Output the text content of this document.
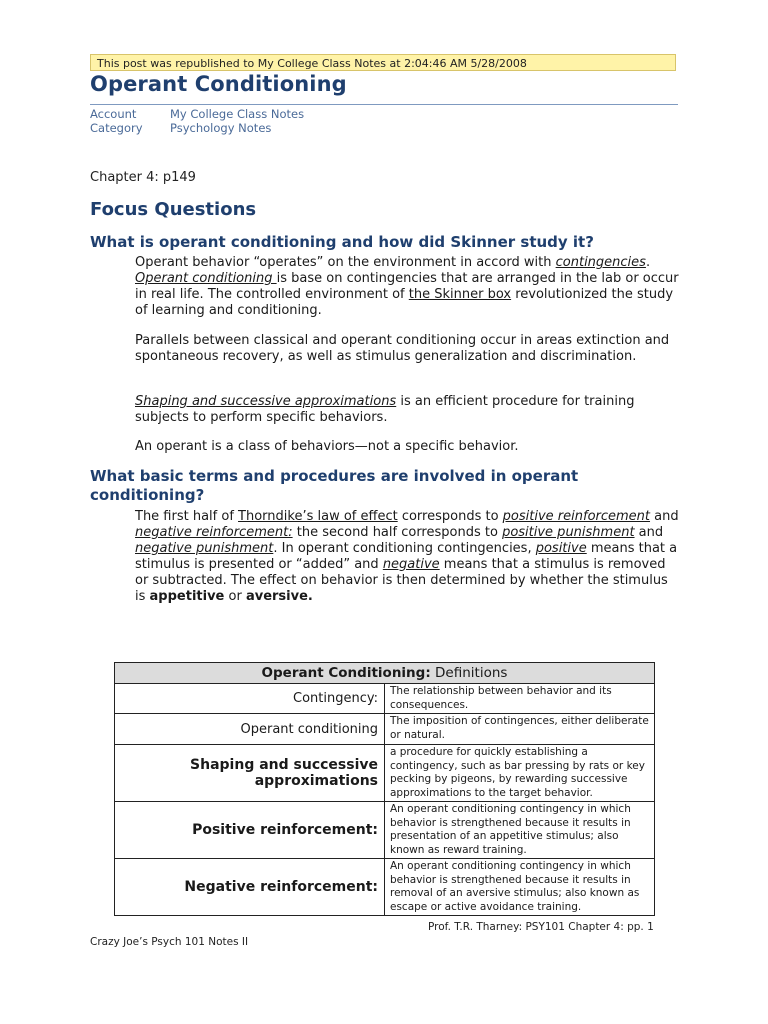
This post was republished to My College Class Notes at 2:04:46 AM 5/28/2008
Operant Conditioning
Account	My College Class Notes
Category Psychology Notes
Chapter 4: p149
Focus Questions
What is operant conditioning and how did Skinner study it?
Operant behavior “operates” on the environment in accord with contingencies. Operant conditioning is base on contingencies that are arranged in the lab or occur in real life. The controlled environment of the Skinner box revolutionized the study of learning and conditioning.
Parallels between classical and operant conditioning occur in areas extinction and spontaneous recovery, as well as stimulus generalization and discrimination.
Shaping and successive approximations is an efficient procedure for training subjects to perform specific behaviors.
An operant is a class of behaviors—not a specific behavior.
What basic terms and procedures are involved in operant conditioning?
The first half of Thorndike’s law of effect corresponds to positive reinforcement and negative reinforcement: the second half corresponds to positive punishment and negative punishment. In operant conditioning contingencies, positive means that a stimulus is presented or “added” and negative means that a stimulus is removed or subtracted. The effect on behavior is then determined by whether the stimulus is appetitive or aversive.
Operant Conditioning: Definitions	
Contingency:	The relationship between behavior and its consequences.
Operant conditioning	The imposition of contingences, either deliberate or natural.
Shaping and successive approximations	a procedure for quickly establishing a contingency, such as bar pressing by rats or key pecking by pigeons, by rewarding successive approximations to the target behavior.
Positive reinforcement:	An operant conditioning contingency in which behavior is strengthened because it results in presentation of an appetitive stimulus; also known as reward training.
Negative reinforcement:	An operant conditioning contingency in which behavior is strengthened because it results in removal of an aversive stimulus; also known as escape or active avoidance training.
Prof. T.R. Tharney: PSY101 Chapter 4: pp. 1
Crazy Joe’s Psych 101 Notes II
